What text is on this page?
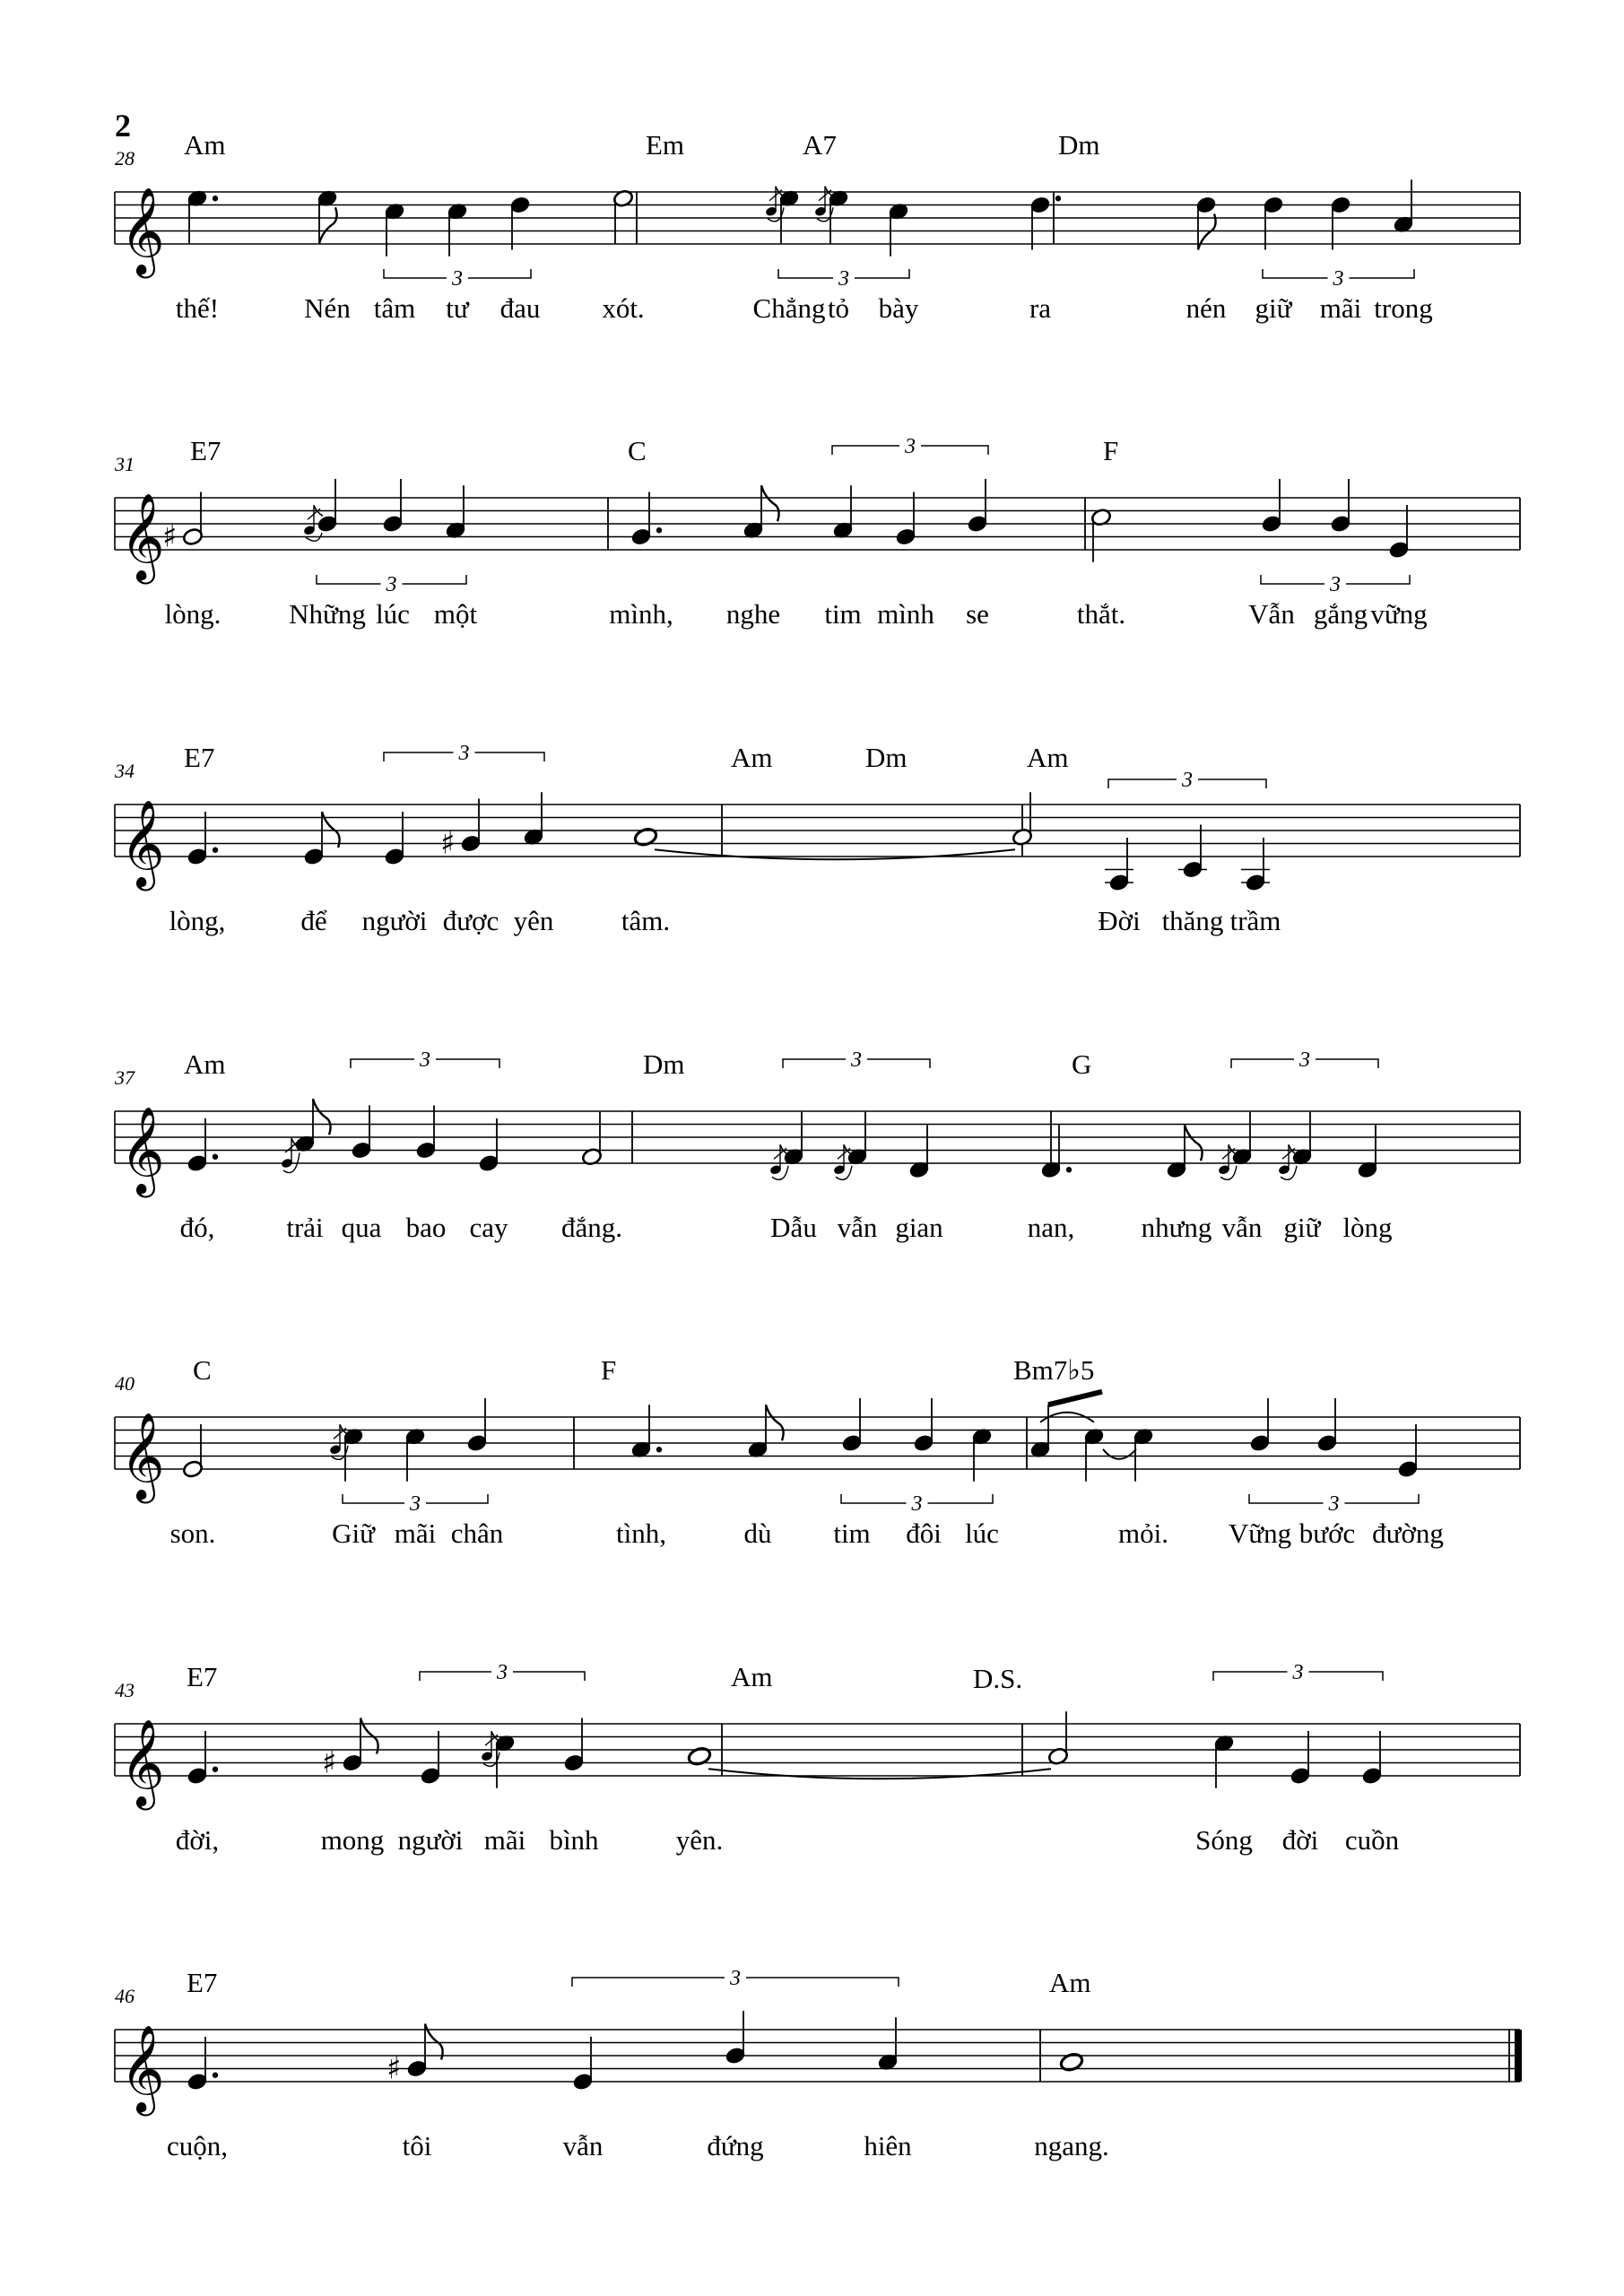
2
𝄞
28 Am	Em	A7	Dm
thế!	Nén tâm tư đau xót.	Chẳng tỏ bày	ra	nén giữ mãi trong
3	3	3
𝄞
31 E7	C	F
♯
lòng. Những lúc một	mình, nghe tim mình se	thắt.	Vẫn gắng vững
3
3
3
𝄞
34 E7	Am	Dm	Am
lòng,	để người
♯
được yên tâm.	Đời thăng trầm
3
3
𝄞
37 Am	Dm	G
đó,	trải qua bao cay đắng.	Dẫu vẫn gian	nan, nhưng vẫn giữ lòng
3	3	3
𝄞
40 C	F	Bm7♭5
son.	Giữ mãi chân	tình,	dù tim đôi lúc	mỏi. Vững bước đường
3	3	3
𝄞
43 E7	Am	D.S.
đời,
♯
mong người mãi bình	yên.	Sóng đời cuồn
3	3
𝄞
46 E7	Am
cuộn,
♯
tôi	vẫn	đứng	hiên	ngang.
3
